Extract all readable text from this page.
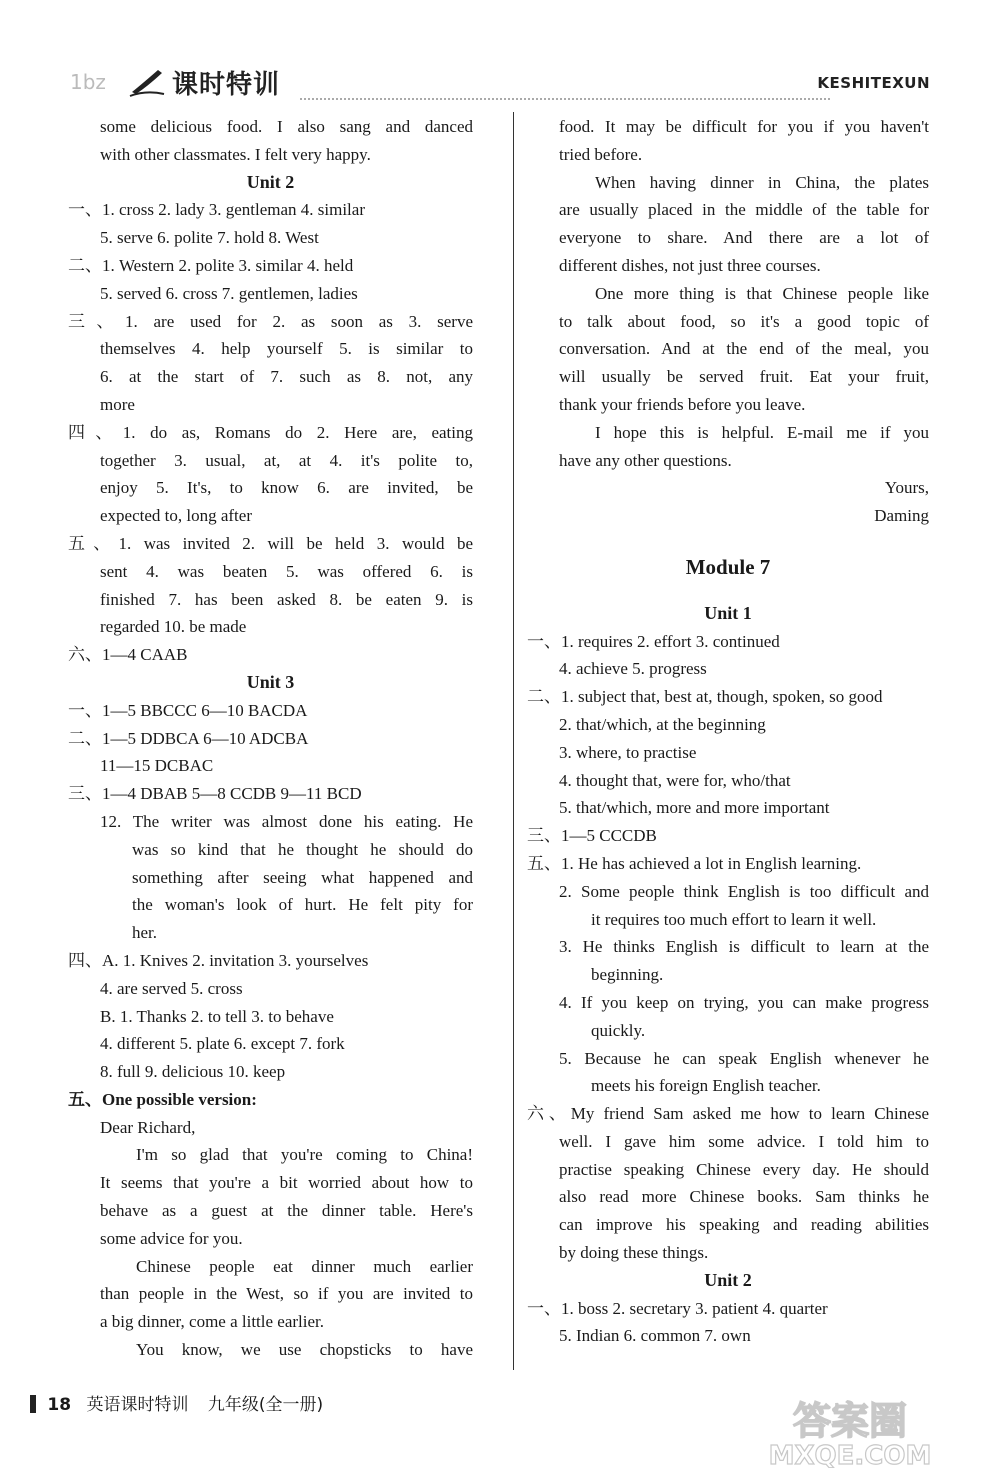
1bz	课时特训	KESHITEXUN
some delicious food. I also sang and danced
with other classmates. I felt very happy.
Unit 2
一、1. cross 2. lady 3. gentleman 4. similar
5. serve 6. polite 7. hold 8. West
二、1. Western 2. polite 3. similar 4. held
5. served 6. cross 7. gentlemen, ladies
三、1. are used for 2. as soon as 3. serve
themselves 4. help yourself 5. is similar to
6. at the start of 7. such as 8. not, any
more
四、1. do as, Romans do 2. Here are, eating
together 3. usual, at, at 4. it's polite to,
enjoy 5. It's, to know 6. are invited, be
expected to, long after
五、1. was invited 2. will be held 3. would be
sent 4. was beaten 5. was offered 6. is
finished 7. has been asked 8. be eaten 9. is
regarded 10. be made
六、1—4 CAAB
Unit 3
一、1—5 BBCCC 6—10 BACDA
二、1—5 DDBCA 6—10 ADCBA
11—15 DCBAC
三、1—4 DBAB 5—8 CCDB 9—11 BCD
12. The writer was almost done his eating. He
was so kind that he thought he should do
something after seeing what happened and
the woman's look of hurt. He felt pity for
her.
四、A. 1. Knives 2. invitation 3. yourselves
4. are served 5. cross
B. 1. Thanks 2. to tell 3. to behave
4. different 5. plate 6. except 7. fork
8. full 9. delicious 10. keep
五、One possible version:
Dear Richard,
I'm so glad that you're coming to China!
It seems that you're a bit worried about how to
behave as a guest at the dinner table. Here's
some advice for you.
Chinese people eat dinner much earlier
than people in the West, so if you are invited to
a big dinner, come a little earlier.
You know, we use chopsticks to have
food. It may be difficult for you if you haven't
tried before.
When having dinner in China, the plates
are usually placed in the middle of the table for
everyone to share. And there are a lot of
different dishes, not just three courses.
One more thing is that Chinese people like
to talk about food, so it's a good topic of
conversation. And at the end of the meal, you
will usually be served fruit. Eat your fruit,
thank your friends before you leave.
I hope this is helpful. E-mail me if you
have any other questions.
Yours,
Daming
Module 7
Unit 1
一、1. requires 2. effort 3. continued
4. achieve 5. progress
二、1. subject that, best at, though, spoken, so good
2. that/which, at the beginning
3. where, to practise
4. thought that, were for, who/that
5. that/which, more and more important
三、1—5 CCCDB
五、1. He has achieved a lot in English learning.
2. Some people think English is too difficult and
it requires too much effort to learn it well.
3. He thinks English is difficult to learn at the
beginning.
4. If you keep on trying, you can make progress
quickly.
5. Because he can speak English whenever he
meets his foreign English teacher.
六、My friend Sam asked me how to learn Chinese
well. I gave him some advice. I told him to
practise speaking Chinese every day. He should
also read more Chinese books. Sam thinks he
can improve his speaking and reading abilities
by doing these things.
Unit 2
一、1. boss 2. secretary 3. patient 4. quarter
5. Indian 6. common 7. own
18 英语课时特训 九年级(全一册)	答案圈
MXQE.COM
